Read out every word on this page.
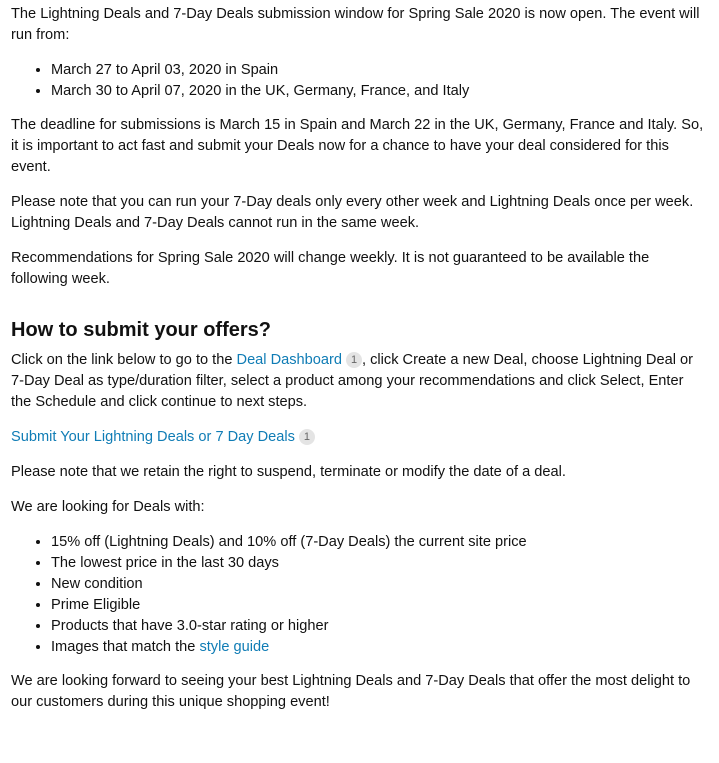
The Lightning Deals and 7-Day Deals submission window for Spring Sale 2020 is now open. The event will run from:

• March 27 to April 03, 2020 in Spain
• March 30 to April 07, 2020 in the UK, Germany, France, and Italy

The deadline for submissions is March 15 in Spain and March 22 in the UK, Germany, France and Italy. So, it is important to act fast and submit your Deals now for a chance to have your deal considered for this event.

Please note that you can run your 7-Day deals only every other week and Lightning Deals once per week. Lightning Deals and 7-Day Deals cannot run in the same week.

Recommendations for Spring Sale 2020 will change weekly. It is not guaranteed to be available the following week.

How to submit your offers?

Click on the link below to go to the Deal Dashboard 1 , click Create a new Deal, choose Lightning Deal or 7-Day Deal as type/duration filter, select a product among your recommendations and click Select, Enter the Schedule and click continue to next steps.

Submit Your Lightning Deals or 7 Day Deals 1

Please note that we retain the right to suspend, terminate or modify the date of a deal.

We are looking for Deals with:

• 15% off (Lightning Deals) and 10% off (7-Day Deals) the current site price
• The lowest price in the last 30 days
• New condition
• Prime Eligible
• Products that have 3.0-star rating or higher
• Images that match the style guide

We are looking forward to seeing your best Lightning Deals and 7-Day Deals that offer the most delight to our customers during this unique shopping event!
